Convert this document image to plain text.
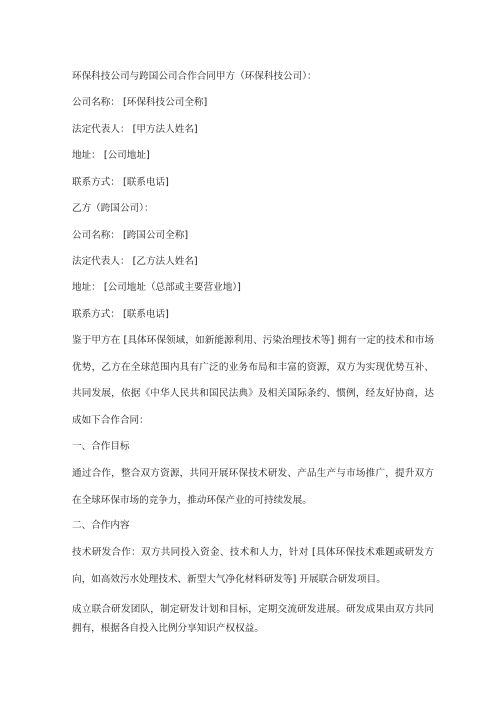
环保科技公司与跨国公司合作合同甲方（环保科技公司）：
公司名称： [环保科技公司全称]
法定代表人： [甲方法人姓名]
地址： [公司地址]
联系方式： [联系电话]
乙方（跨国公司）：
公司名称： [跨国公司全称]
法定代表人： [乙方法人姓名]
地址： [公司地址（总部或主要营业地）]
联系方式： [联系电话]
鉴于甲方在 [具体环保领域，如新能源利用、污染治理技术等] 拥有一定的技术和市场优势，乙方在全球范围内具有广泛的业务布局和丰富的资源，双方为实现优势互补、共同发展，依据《中华人民共和国民法典》及相关国际条约、惯例，经友好协商，达成如下合作合同：
一、合作目标
通过合作，整合双方资源，共同开展环保技术研发、产品生产与市场推广，提升双方在全球环保市场的竞争力，推动环保产业的可持续发展。
二、合作内容
技术研发合作：双方共同投入资金、技术和人力，针对 [具体环保技术难题或研发方向，如高效污水处理技术、新型大气净化材料研发等] 开展联合研发项目。
成立联合研发团队，制定研发计划和目标，定期交流研发进展。研发成果由双方共同拥有，根据各自投入比例分享知识产权权益。
